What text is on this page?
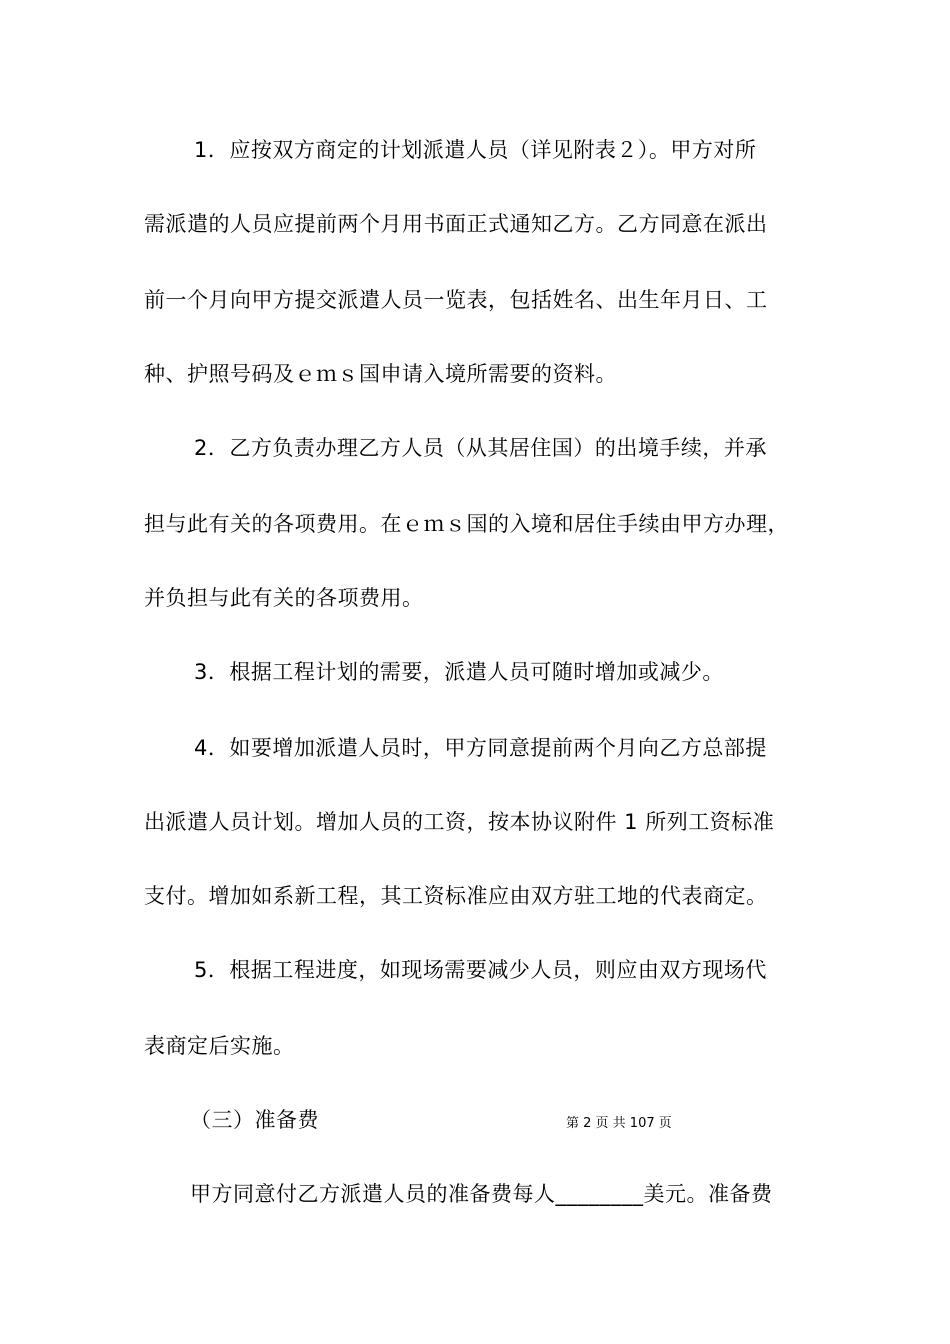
1．应按双方商定的计划派遣人员（详见附表２）。甲方对所

需派遣的人员应提前两个月用书面正式通知乙方。乙方同意在派出

前一个月向甲方提交派遣人员一览表，包括姓名、出生年月日、工

种、护照号码及ｅｍｓ国申请入境所需要的资料。

2．乙方负责办理乙方人员（从其居住国）的出境手续，并承

担与此有关的各项费用。在ｅｍｓ国的入境和居住手续由甲方办理，

并负担与此有关的各项费用。

3．根据工程计划的需要，派遣人员可随时增加或减少。

4．如要增加派遣人员时，甲方同意提前两个月向乙方总部提

出派遣人员计划。增加人员的工资，按本协议附件 1 所列工资标准

支付。增加如系新工程，其工资标准应由双方驻工地的代表商定。

5．根据工程进度，如现场需要减少人员，则应由双方现场代

表商定后实施。

（三）准备费	第 2 页 共 107 页

甲方同意付乙方派遣人员的准备费每人________美元。准备费
